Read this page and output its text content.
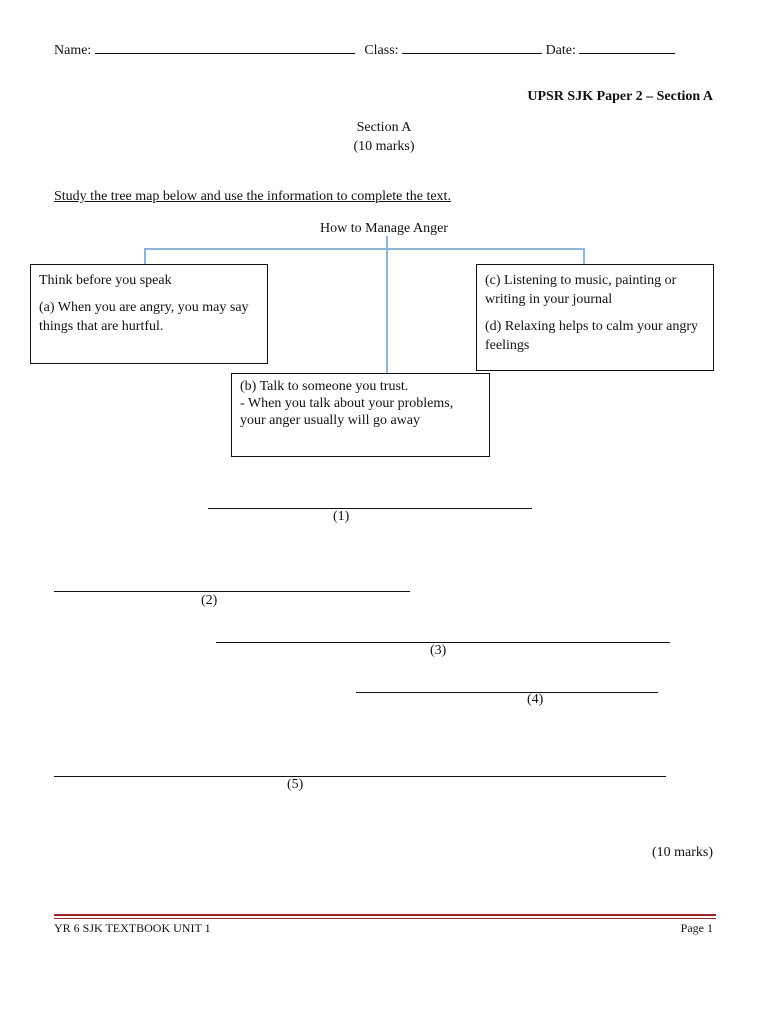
Name:	Class:	Date:
UPSR SJK Paper 2 – Section A
Section A
(10 marks)
Study the tree map below and use the information to complete the text.
How to Manage Anger

Think before you speak

(a) When you are angry, you may say things that are hurtful.

(c) Listening to music, painting or writing in your journal

(d) Relaxing helps to calm your angry feelings

(b) Talk to someone you trust.

- When you talk about your problems, your anger usually will go away

(1)
(2)
(3)
(4)
(5)
(10 marks)
YR 6 SJK TEXTBOOK UNIT 1	Page 1
